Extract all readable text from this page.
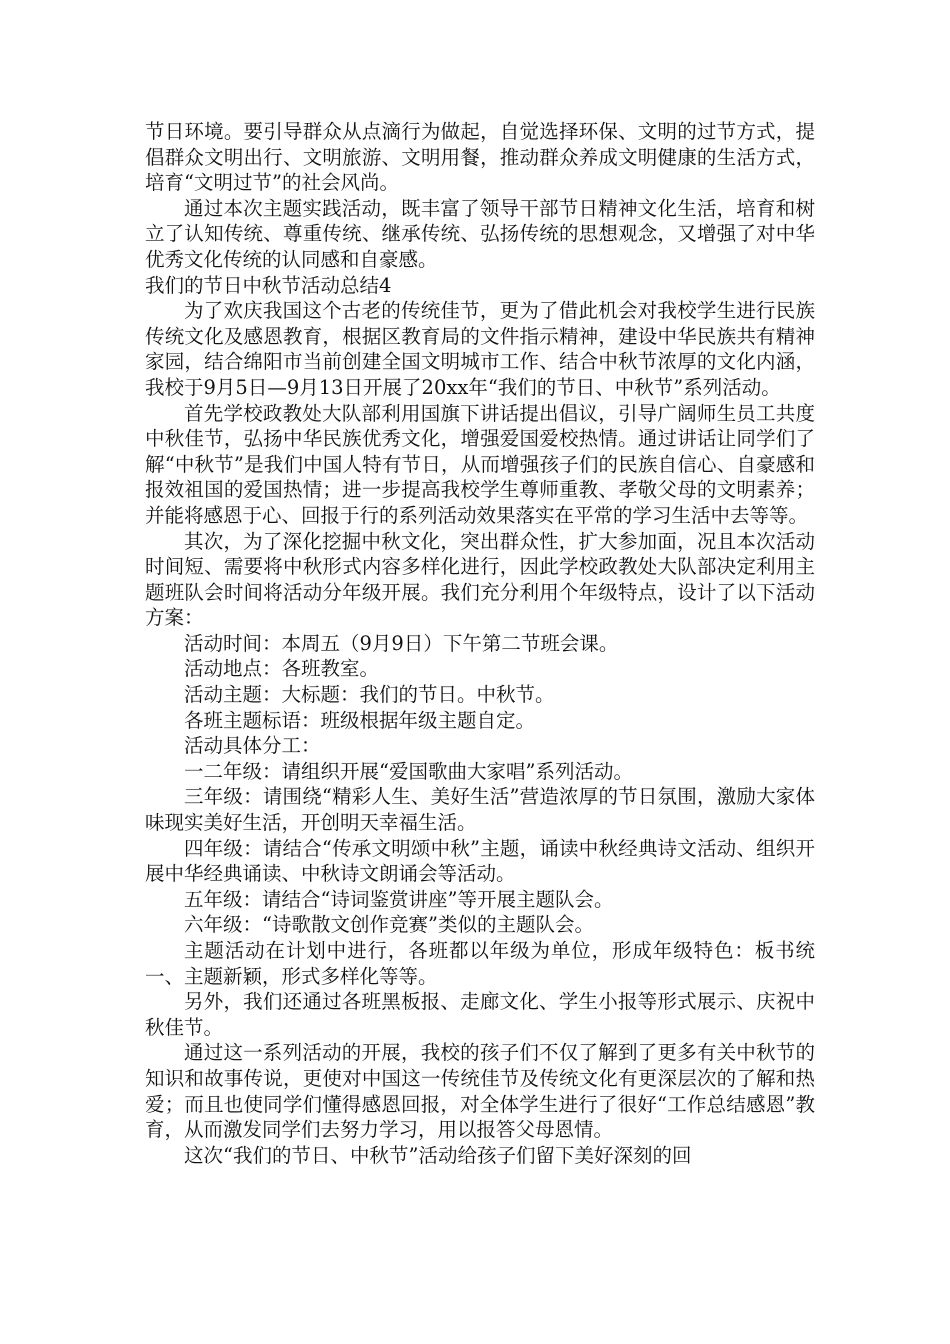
节日环境。要引导群众从点滴行为做起，自觉选择环保、文明的过节方式，提倡群众文明出行、文明旅游、文明用餐，推动群众养成文明健康的生活方式，培育“文明过节”的社会风尚。

通过本次主题实践活动，既丰富了领导干部节日精神文化生活，培育和树立了认知传统、尊重传统、继承传统、弘扬传统的思想观念，又增强了对中华优秀文化传统的认同感和自豪感。

我们的节日中秋节活动总结4

为了欢庆我国这个古老的传统佳节，更为了借此机会对我校学生进行民族传统文化及感恩教育，根据区教育局的文件指示精神，建设中华民族共有精神家园，结合绵阳市当前创建全国文明城市工作、结合中秋节浓厚的文化内涵，我校于9月5日—9月13日开展了20xx年“我们的节日、中秋节”系列活动。

首先学校政教处大队部利用国旗下讲话提出倡议，引导广阔师生员工共度中秋佳节，弘扬中华民族优秀文化，增强爱国爱校热情。通过讲话让同学们了解“中秋节”是我们中国人特有节日，从而增强孩子们的民族自信心、自豪感和报效祖国的爱国热情；进一步提高我校学生尊师重教、孝敬父母的文明素养；并能将感恩于心、回报于行的系列活动效果落实在平常的学习生活中去等等。

其次，为了深化挖掘中秋文化，突出群众性，扩大参加面，况且本次活动时间短、需要将中秋形式内容多样化进行，因此学校政教处大队部决定利用主题班队会时间将活动分年级开展。我们充分利用个年级特点，设计了以下活动方案：

活动时间：本周五（9月9日）下午第二节班会课。

活动地点：各班教室。

活动主题：大标题：我们的节日。中秋节。

各班主题标语：班级根据年级主题自定。

活动具体分工：

一二年级：请组织开展“爱国歌曲大家唱”系列活动。

三年级：请围绕“精彩人生、美好生活”营造浓厚的节日氛围，激励大家体味现实美好生活，开创明天幸福生活。

四年级：请结合“传承文明颂中秋”主题，诵读中秋经典诗文活动、组织开展中华经典诵读、中秋诗文朗诵会等活动。

五年级：请结合“诗词鉴赏讲座”等开展主题队会。

六年级：“诗歌散文创作竞赛”类似的主题队会。

主题活动在计划中进行，各班都以年级为单位，形成年级特色：板书统一、主题新颖，形式多样化等等。

另外，我们还通过各班黑板报、走廊文化、学生小报等形式展示、庆祝中秋佳节。

通过这一系列活动的开展，我校的孩子们不仅了解到了更多有关中秋节的知识和故事传说，更使对中国这一传统佳节及传统文化有更深层次的了解和热爱；而且也使同学们懂得感恩回报，对全体学生进行了很好“工作总结感恩”教育，从而激发同学们去努力学习，用以报答父母恩情。

这次“我们的节日、中秋节”活动给孩子们留下美好深刻的回
